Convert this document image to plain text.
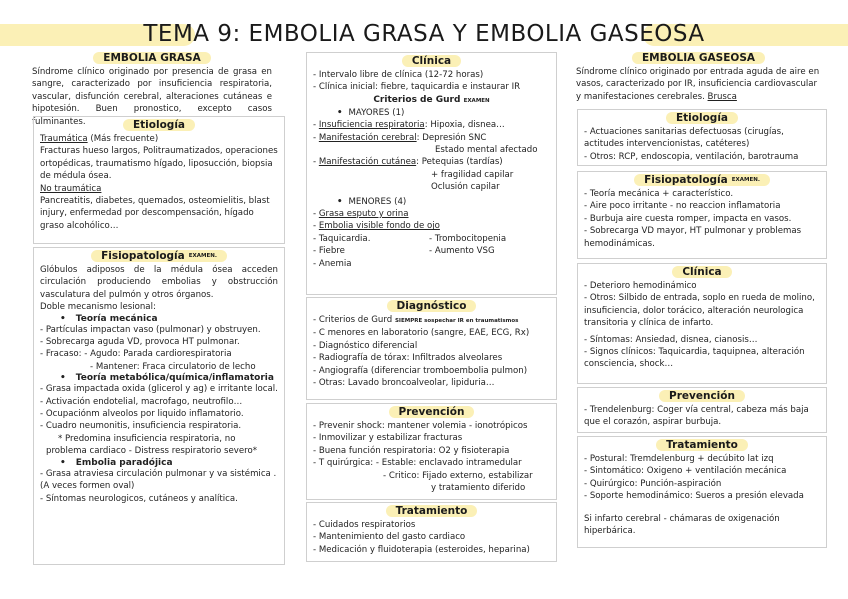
TEMA 9: EMBOLIA GRASA Y EMBOLIA GASEOSA
EMBOLIA GRASA
Síndrome clínico originado por presencia de grasa en sangre, caracterizado por insuficiencia respiratoria, vascular, disfunción cerebral, alteraciones cutáneas e hipotesión. Buen pronostico, excepto casos fulminantes.	Etiología
Traumática (Más frecuente)
Fracturas hueso largos, Politraumatizados, operaciones ortopédicas, traumatismo hígado, liposucción, biopsia de médula ósea.
No traumática
Pancreatitis, diabetes, quemados, osteomielitis, blast injury, enfermedad por descompensación, hígado graso alcohólico…
Fisiopatología EXAMEN.
Glóbulos adiposos de la médula ósea acceden circulación produciendo embolias y obstrucción vasculatura del pulmón y otros órganos.
Doble mecanismo lesional:
• Teoría mecánica
- Partículas impactan vaso (pulmonar) y obstruyen.
- Sobrecarga aguda VD, provoca HT pulmonar.
- Fracaso: - Agudo: Parada cardiorespiratoria
- Mantener: Fraca circulatorio de lecho
• Teoría metabólica/química/inflamatoria
- Grasa impactada oxida (glicerol y ag) e irritante local.
- Activación endotelial, macrofago, neutrofilo…
- Ocupaciónm alveolos por liquido inflamatorio.
- Cuadro neumonitis, insuficiencia respiratoria.
* Predomina insuficiencia respiratoria, no
problema cardiaco - Distress respiratorio severo*
• Embolia paradójica
- Grasa atraviesa circulación pulmonar y va sistémica . (A veces formen oval)
- Síntomas neurologicos, cutáneos y analítica.
Clínica
- Intervalo libre de clínica (12-72 horas)
- Clínica inicial: fiebre, taquicardia e instaurar IR
Criterios de Gurd EXAMEN
•  MAYORES (1)
- Insuficiencia respiratoria: Hipoxia, disnea…
- Manifestación cerebral: Depresión SNC
Estado mental afectado
- Manifestación cutánea: Petequias (tardías)
+ fragilidad capilar
Oclusión capilar
•  MENORES (4)
- Grasa esputo y orina
- Embolia visible fondo de ojo
- Taquicardia.	- Trombocitopenia
- Fiebre	- Aumento VSG
- Anemia
Diagnóstico
- Criterios de Gurd SIEMPRE sospechar IR en traumatismos
- C menores en laboratorio (sangre, EAE, ECG, Rx)
- Diagnóstico diferencial
- Radiografía de tórax: Infiltrados alveolares
- Angiografía (diferenciar tromboembolia pulmon)
- Otras: Lavado broncoalveolar, lipiduria…
Prevención
- Prevenir shock: mantener volemia - ionotrópicos
- Inmovilizar y estabilizar fracturas
- Buena función respiratoria: O2 y fisioterapia
- T quirúrgica: - Estable: enclavado intramedular
- Critico: Fijado externo, estabilizar
y tratamiento diferido
Tratamiento
- Cuidados respiratorios
- Mantenimiento del gasto cardiaco
- Medicación y fluidoterapia (esteroides, heparina)
EMBOLIA GASEOSA
Síndrome clínico originado por entrada aguda de aire en vasos, caracterizado por IR, insuficiencia cardiovascular y manifestaciones cerebrales. Brusca
Etiología
- Actuaciones sanitarias defectuosas (cirugías, actitudes intervencionistas, catéteres)
- Otros: RCP, endoscopia, ventilación, barotrauma
Fisiopatología EXAMEN.
- Teoría mecánica + característico.
- Aire poco irritante - no reaccion inflamatoria
- Burbuja aire cuesta romper, impacta en vasos.
- Sobrecarga VD mayor, HT pulmonar y problemas hemodinámicas.
Clínica
- Deterioro hemodinámico
- Otros: Silbido de entrada, soplo en rueda de molino, insuficiencia, dolor torácico, alteración neurologica transitoria y clínica de infarto.
- Síntomas: Ansiedad, disnea, cianosis…
- Signos clínicos: Taquicardia, taquipnea, alteración consciencia, shock…
Prevención
- Trendelenburg: Coger vía central, cabeza más baja que el corazón, aspirar burbuja.
Tratamiento
- Postural: Tremdelenburg + decúbito lat izq
- Sintomático: Oxigeno + ventilación mecánica
- Quirúrgico: Punción-aspiración
- Soporte hemodinámico: Sueros a presión elevada
Si infarto cerebral - chámaras de oxigenación hiperbárica.
